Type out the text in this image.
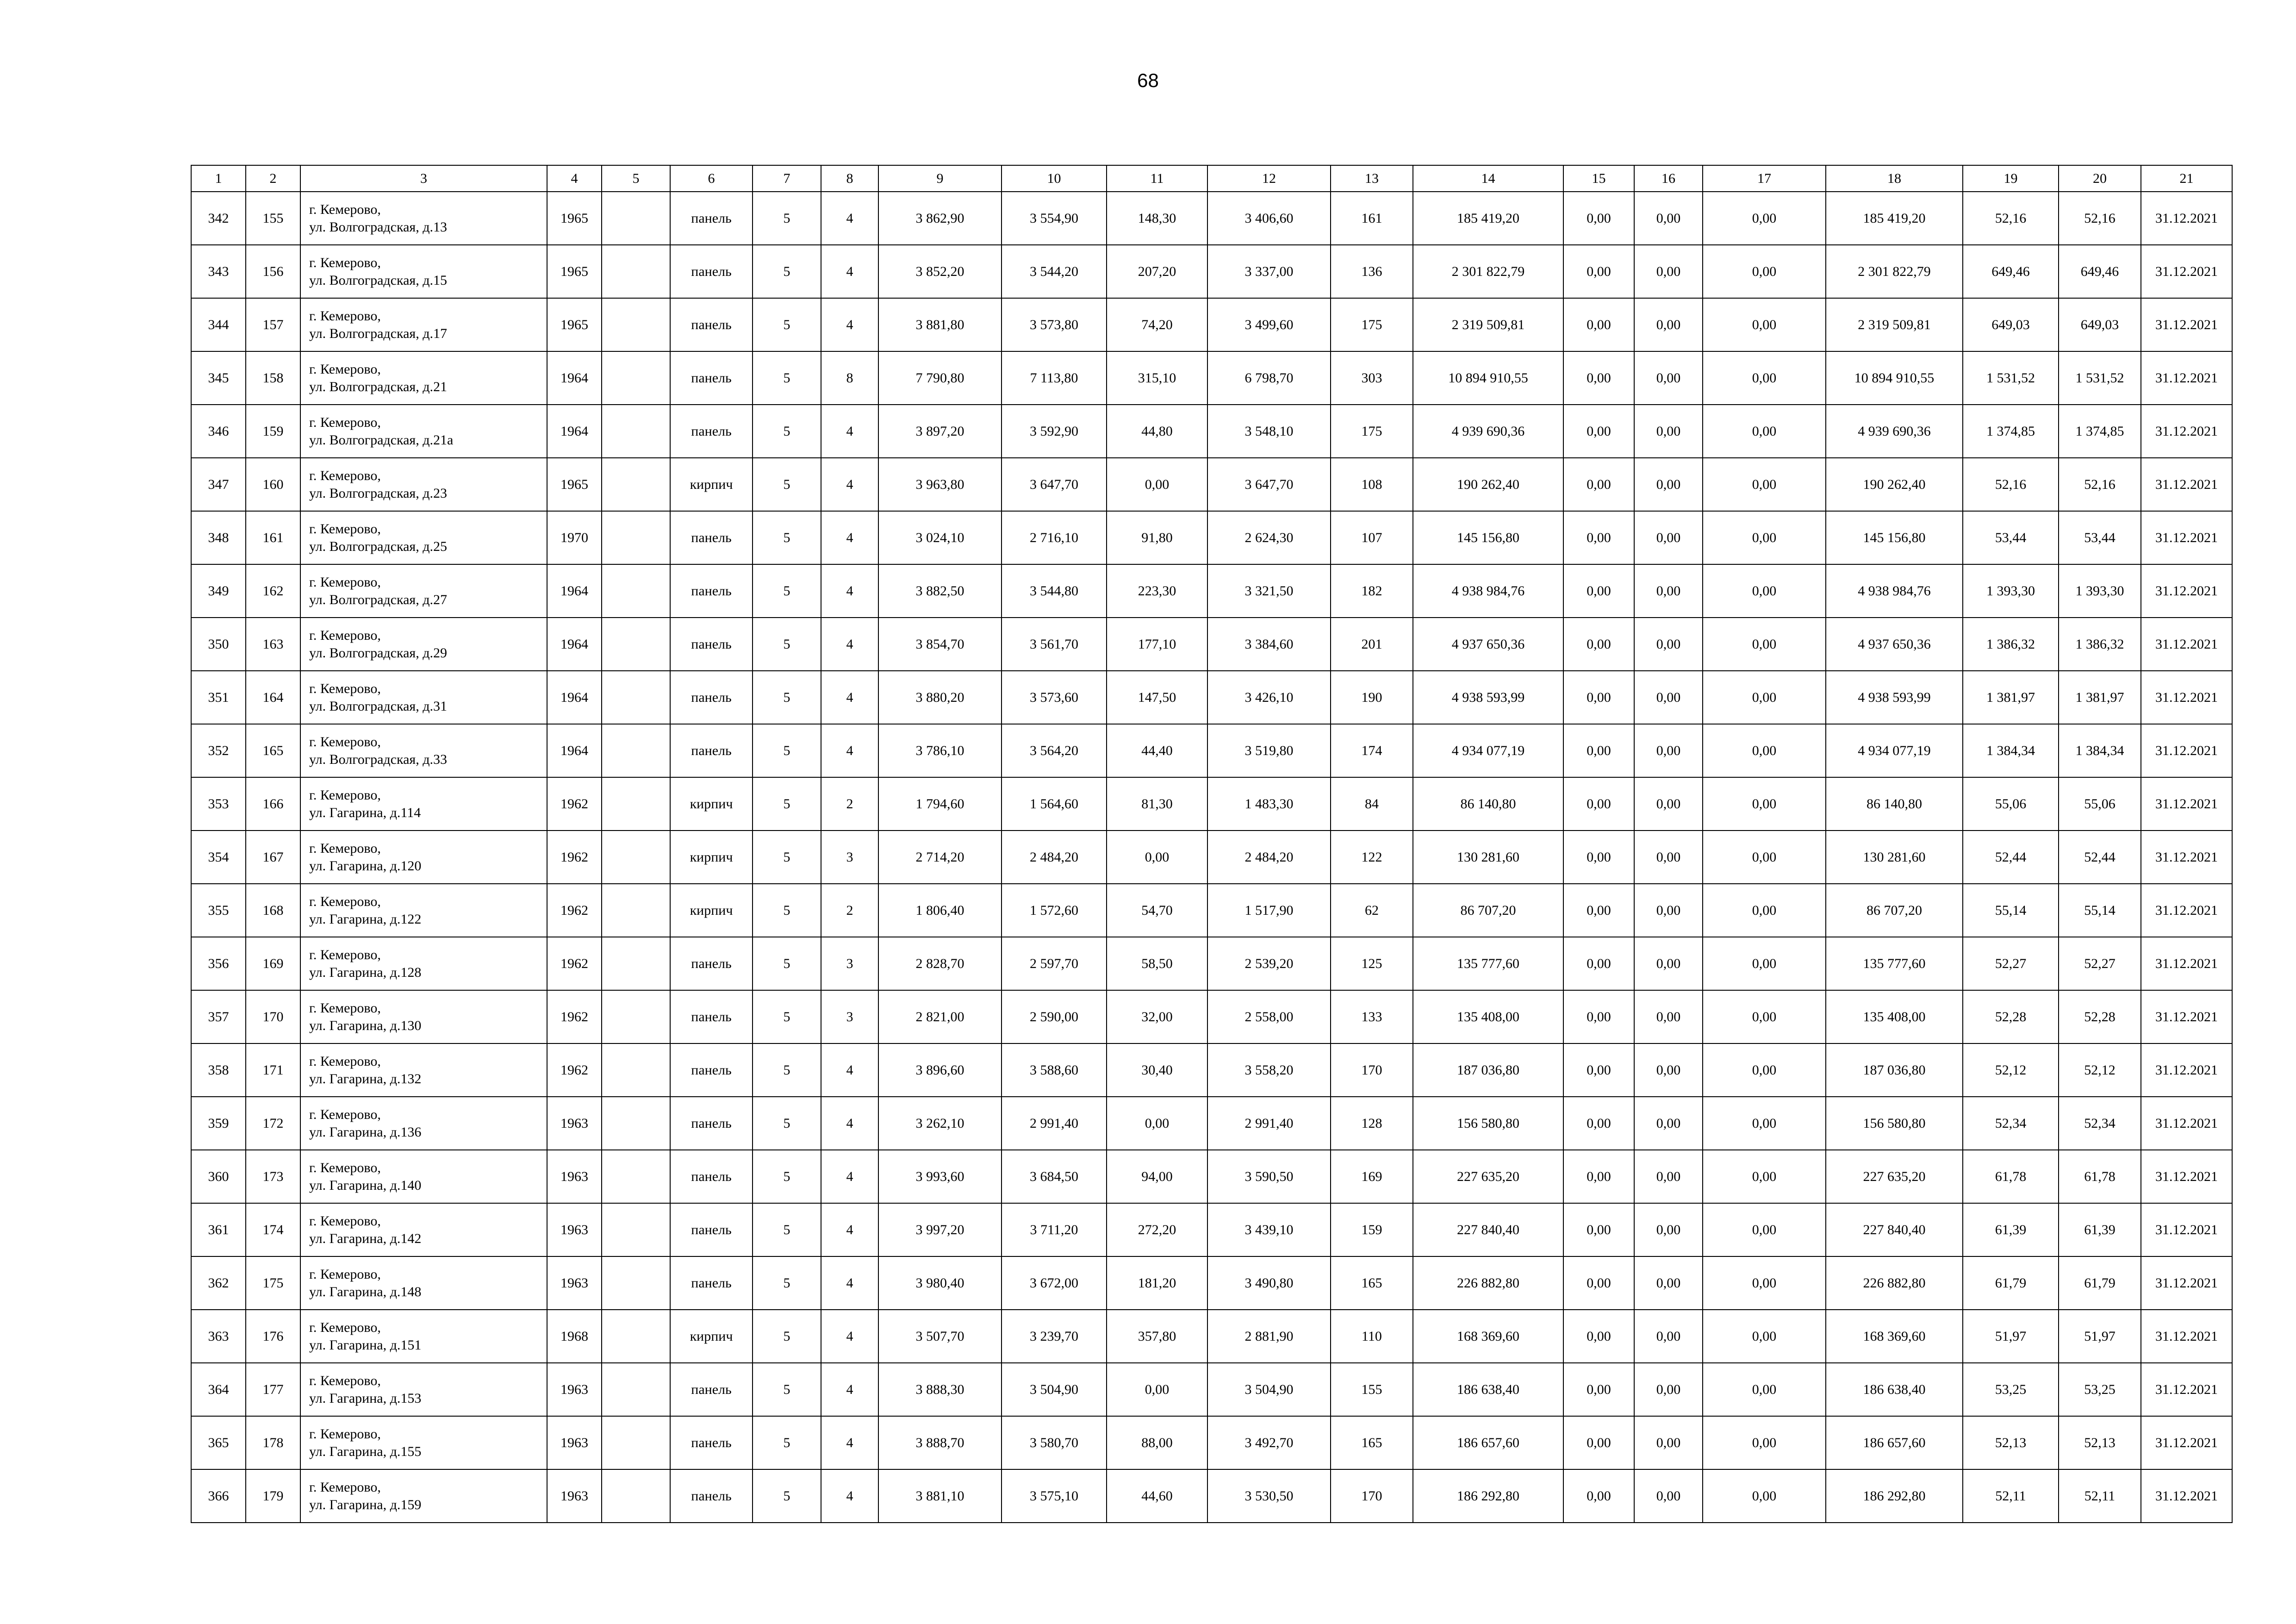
68
1	2	3	4	5	6	7	8	9	10	11	12	13	14	15	16	17	18	19	20	21
342	155	г. Кемерово,
ул. Волгоградская, д.13	1965		панель	5	4	3 862,90	3 554,90	148,30	3 406,60	161	185 419,20	0,00	0,00	0,00	185 419,20	52,16	52,16	31.12.2021
343	156	г. Кемерово,
ул. Волгоградская, д.15	1965		панель	5	4	3 852,20	3 544,20	207,20	3 337,00	136	2 301 822,79	0,00	0,00	0,00	2 301 822,79	649,46	649,46	31.12.2021
344	157	г. Кемерово,
ул. Волгоградская, д.17	1965		панель	5	4	3 881,80	3 573,80	74,20	3 499,60	175	2 319 509,81	0,00	0,00	0,00	2 319 509,81	649,03	649,03	31.12.2021
345	158	г. Кемерово,
ул. Волгоградская, д.21	1964		панель	5	8	7 790,80	7 113,80	315,10	6 798,70	303	10 894 910,55	0,00	0,00	0,00	10 894 910,55	1 531,52	1 531,52	31.12.2021
346	159	г. Кемерово,
ул. Волгоградская, д.21а	1964		панель	5	4	3 897,20	3 592,90	44,80	3 548,10	175	4 939 690,36	0,00	0,00	0,00	4 939 690,36	1 374,85	1 374,85	31.12.2021
347	160	г. Кемерово,
ул. Волгоградская, д.23	1965		кирпич	5	4	3 963,80	3 647,70	0,00	3 647,70	108	190 262,40	0,00	0,00	0,00	190 262,40	52,16	52,16	31.12.2021
348	161	г. Кемерово,
ул. Волгоградская, д.25	1970		панель	5	4	3 024,10	2 716,10	91,80	2 624,30	107	145 156,80	0,00	0,00	0,00	145 156,80	53,44	53,44	31.12.2021
349	162	г. Кемерово,
ул. Волгоградская, д.27	1964		панель	5	4	3 882,50	3 544,80	223,30	3 321,50	182	4 938 984,76	0,00	0,00	0,00	4 938 984,76	1 393,30	1 393,30	31.12.2021
350	163	г. Кемерово,
ул. Волгоградская, д.29	1964		панель	5	4	3 854,70	3 561,70	177,10	3 384,60	201	4 937 650,36	0,00	0,00	0,00	4 937 650,36	1 386,32	1 386,32	31.12.2021
351	164	г. Кемерово,
ул. Волгоградская, д.31	1964		панель	5	4	3 880,20	3 573,60	147,50	3 426,10	190	4 938 593,99	0,00	0,00	0,00	4 938 593,99	1 381,97	1 381,97	31.12.2021
352	165	г. Кемерово,
ул. Волгоградская, д.33	1964		панель	5	4	3 786,10	3 564,20	44,40	3 519,80	174	4 934 077,19	0,00	0,00	0,00	4 934 077,19	1 384,34	1 384,34	31.12.2021
353	166	г. Кемерово,
ул. Гагарина, д.114	1962		кирпич	5	2	1 794,60	1 564,60	81,30	1 483,30	84	86 140,80	0,00	0,00	0,00	86 140,80	55,06	55,06	31.12.2021
354	167	г. Кемерово,
ул. Гагарина, д.120	1962		кирпич	5	3	2 714,20	2 484,20	0,00	2 484,20	122	130 281,60	0,00	0,00	0,00	130 281,60	52,44	52,44	31.12.2021
355	168	г. Кемерово,
ул. Гагарина, д.122	1962		кирпич	5	2	1 806,40	1 572,60	54,70	1 517,90	62	86 707,20	0,00	0,00	0,00	86 707,20	55,14	55,14	31.12.2021
356	169	г. Кемерово,
ул. Гагарина, д.128	1962		панель	5	3	2 828,70	2 597,70	58,50	2 539,20	125	135 777,60	0,00	0,00	0,00	135 777,60	52,27	52,27	31.12.2021
357	170	г. Кемерово,
ул. Гагарина, д.130	1962		панель	5	3	2 821,00	2 590,00	32,00	2 558,00	133	135 408,00	0,00	0,00	0,00	135 408,00	52,28	52,28	31.12.2021
358	171	г. Кемерово,
ул. Гагарина, д.132	1962		панель	5	4	3 896,60	3 588,60	30,40	3 558,20	170	187 036,80	0,00	0,00	0,00	187 036,80	52,12	52,12	31.12.2021
359	172	г. Кемерово,
ул. Гагарина, д.136	1963		панель	5	4	3 262,10	2 991,40	0,00	2 991,40	128	156 580,80	0,00	0,00	0,00	156 580,80	52,34	52,34	31.12.2021
360	173	г. Кемерово,
ул. Гагарина, д.140	1963		панель	5	4	3 993,60	3 684,50	94,00	3 590,50	169	227 635,20	0,00	0,00	0,00	227 635,20	61,78	61,78	31.12.2021
361	174	г. Кемерово,
ул. Гагарина, д.142	1963		панель	5	4	3 997,20	3 711,20	272,20	3 439,10	159	227 840,40	0,00	0,00	0,00	227 840,40	61,39	61,39	31.12.2021
362	175	г. Кемерово,
ул. Гагарина, д.148	1963		панель	5	4	3 980,40	3 672,00	181,20	3 490,80	165	226 882,80	0,00	0,00	0,00	226 882,80	61,79	61,79	31.12.2021
363	176	г. Кемерово,
ул. Гагарина, д.151	1968		кирпич	5	4	3 507,70	3 239,70	357,80	2 881,90	110	168 369,60	0,00	0,00	0,00	168 369,60	51,97	51,97	31.12.2021
364	177	г. Кемерово,
ул. Гагарина, д.153	1963		панель	5	4	3 888,30	3 504,90	0,00	3 504,90	155	186 638,40	0,00	0,00	0,00	186 638,40	53,25	53,25	31.12.2021
365	178	г. Кемерово,
ул. Гагарина, д.155	1963		панель	5	4	3 888,70	3 580,70	88,00	3 492,70	165	186 657,60	0,00	0,00	0,00	186 657,60	52,13	52,13	31.12.2021
366	179	г. Кемерово,
ул. Гагарина, д.159	1963		панель	5	4	3 881,10	3 575,10	44,60	3 530,50	170	186 292,80	0,00	0,00	0,00	186 292,80	52,11	52,11	31.12.2021
